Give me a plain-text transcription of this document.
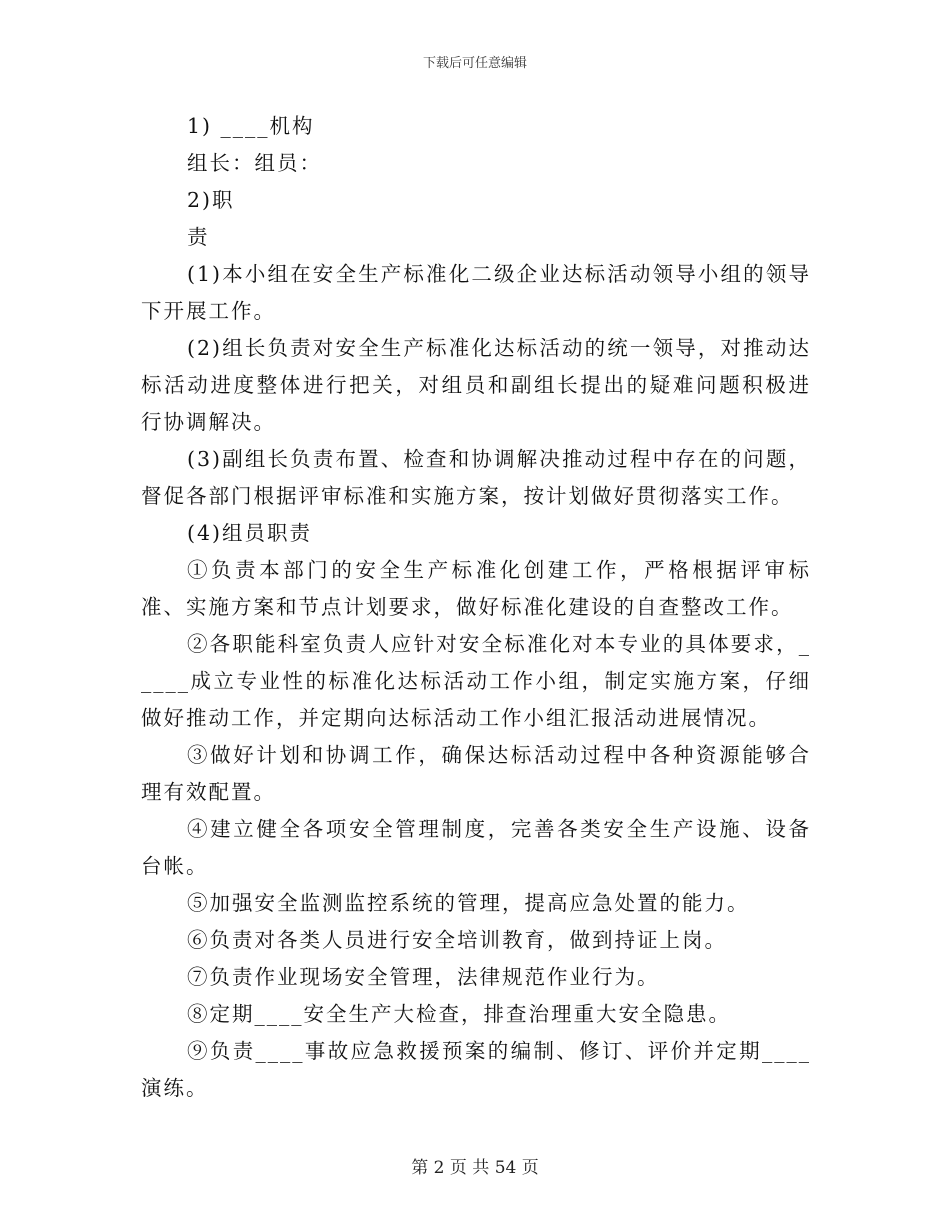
下载后可任意编辑

1) ____机构

组长：组员：

2)职

责

(1)本小组在安全生产标准化二级企业达标活动领导小组的领导下开展工作。

(2)组长负责对安全生产标准化达标活动的统一领导，对推动达标活动进度整体进行把关，对组员和副组长提出的疑难问题积极进行协调解决。

(3)副组长负责布置、检查和协调解决推动过程中存在的问题，督促各部门根据评审标准和实施方案，按计划做好贯彻落实工作。

(4)组员职责

①负责本部门的安全生产标准化创建工作，严格根据评审标准、实施方案和节点计划要求，做好标准化建设的自查整改工作。

②各职能科室负责人应针对安全标准化对本专业的具体要求，_____成立专业性的标准化达标活动工作小组，制定实施方案，仔细做好推动工作，并定期向达标活动工作小组汇报活动进展情况。

③做好计划和协调工作，确保达标活动过程中各种资源能够合理有效配置。

④建立健全各项安全管理制度，完善各类安全生产设施、设备台帐。

⑤加强安全监测监控系统的管理，提高应急处置的能力。

⑥负责对各类人员进行安全培训教育，做到持证上岗。

⑦负责作业现场安全管理，法律规范作业行为。

⑧定期____安全生产大检查，排查治理重大安全隐患。

⑨负责____事故应急救援预案的编制、修订、评价并定期____演练。

第 2 页 共 54 页
